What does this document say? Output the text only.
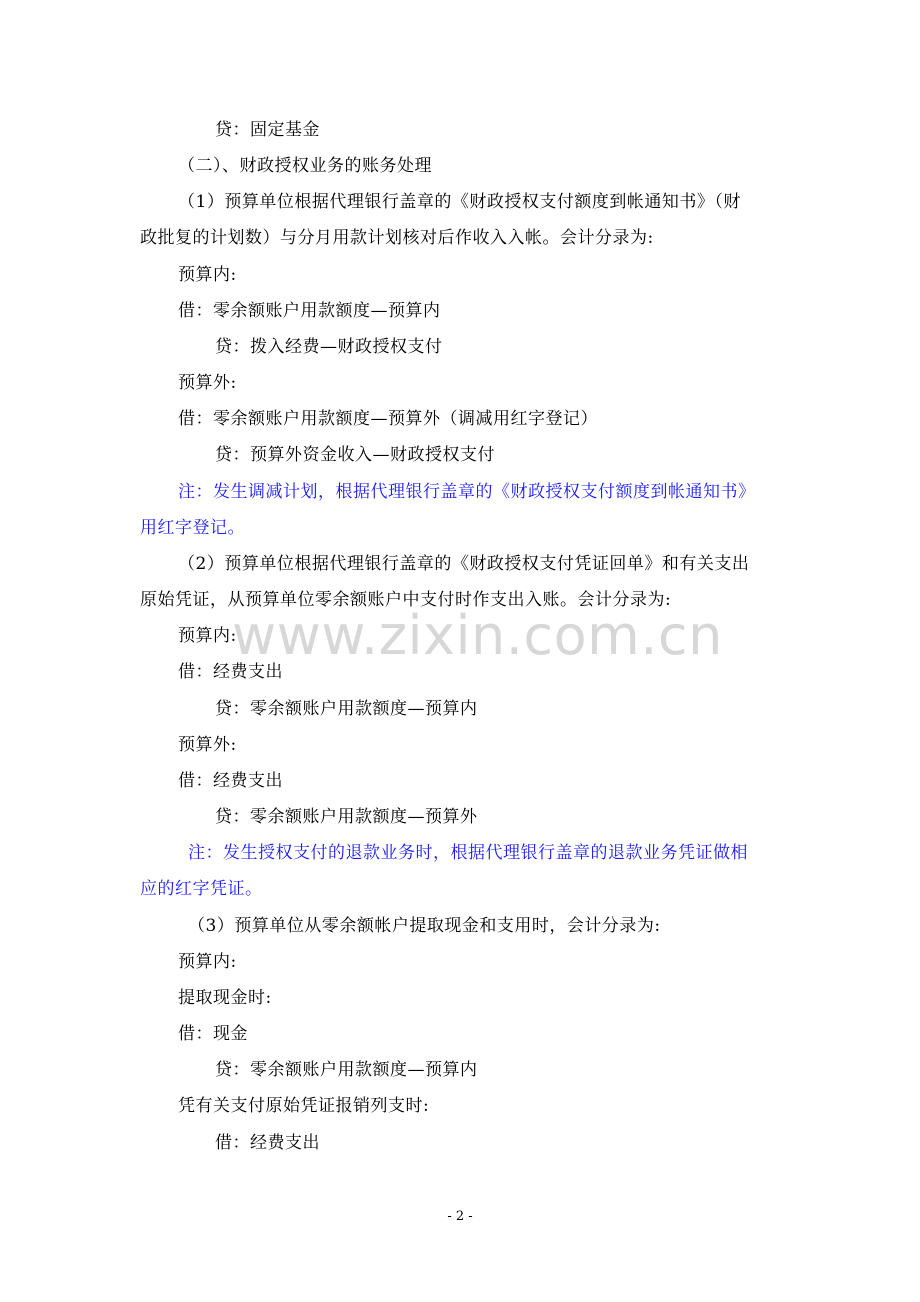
www.zixin.com.cn
贷：固定基金
（二）、财政授权业务的账务处理
（1）预算单位根据代理银行盖章的《财政授权支付额度到帐通知书》（财
政批复的计划数）与分月用款计划核对后作收入入帐。会计分录为:
预算内:
借：零余额账户用款额度—预算内
贷：拨入经费—财政授权支付
预算外:
借：零余额账户用款额度—预算外（调减用红字登记）
贷：预算外资金收入—财政授权支付
注：发生调减计划，根据代理银行盖章的《财政授权支付额度到帐通知书》
用红字登记。
（2）预算单位根据代理银行盖章的《财政授权支付凭证回单》和有关支出
原始凭证，从预算单位零余额账户中支付时作支出入账。会计分录为:
预算内:
借：经费支出
贷：零余额账户用款额度—预算内
预算外:
借：经费支出
贷：零余额账户用款额度—预算外
注：发生授权支付的退款业务时，根据代理银行盖章的退款业务凭证做相
应的红字凭证。
（3）预算单位从零余额帐户提取现金和支用时，会计分录为:
预算内:
提取现金时:
借：现金
贷：零余额账户用款额度—预算内
凭有关支付原始凭证报销列支时:
借：经费支出
- 2 -
